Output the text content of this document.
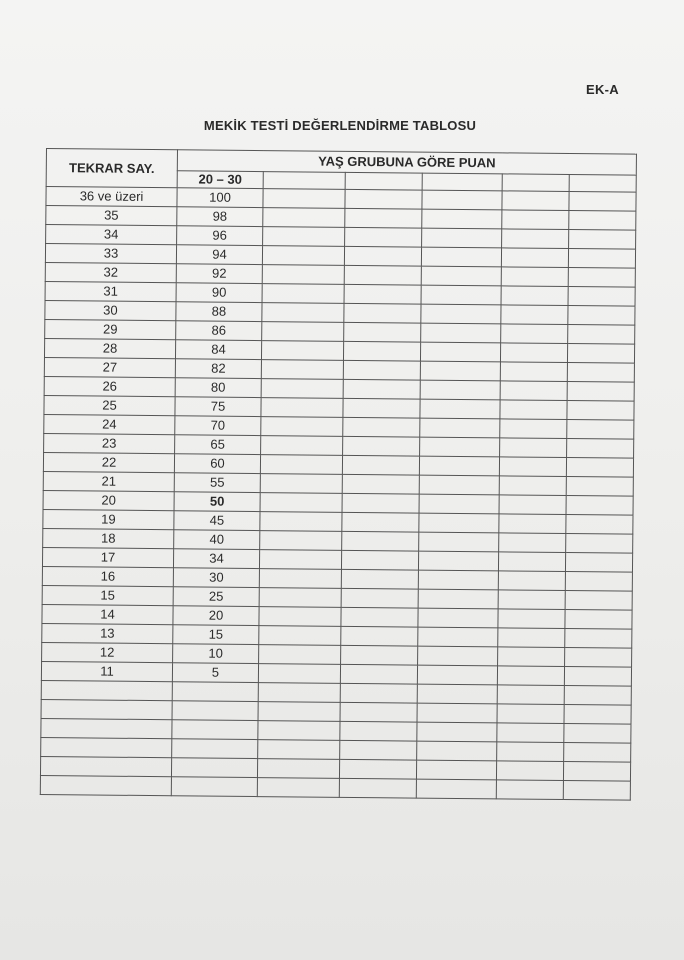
EK-A
MEKİK TESTİ DEĞERLENDİRME TABLOSU
TEKRAR SAY.	YAŞ GRUBUNA GÖRE PUAN					
	20 – 30					
36 ve üzeri	100					
35	98					
34	96					
33	94					
32	92					
31	90					
30	88					
29	86					
28	84					
27	82					
26	80					
25	75					
24	70					
23	65					
22	60					
21	55					
20	50					
19	45					
18	40					
17	34					
16	30					
15	25					
14	20					
13	15					
12	10					
11	5					
